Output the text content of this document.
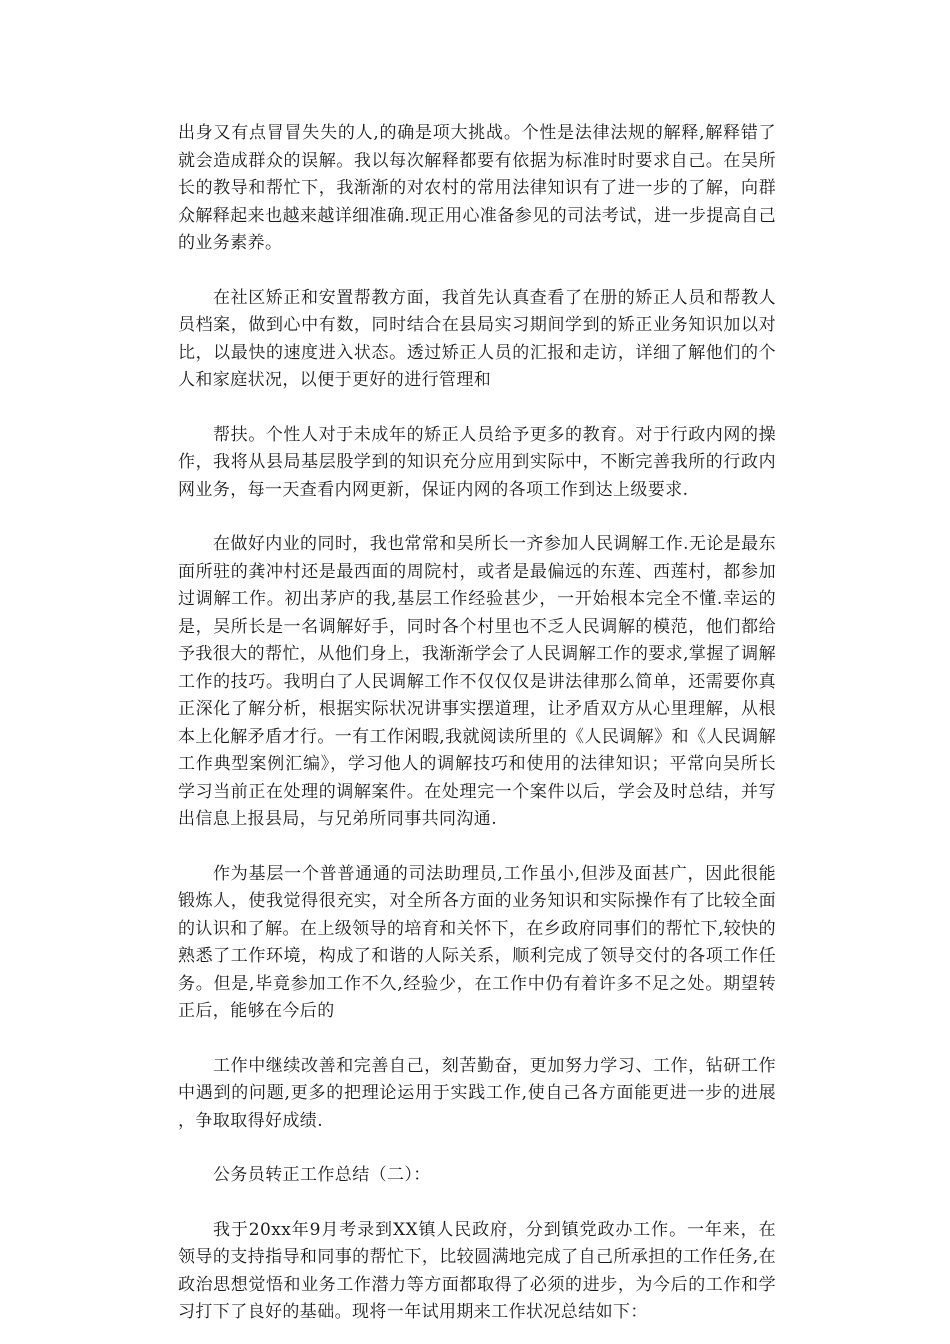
出身又有点冒冒失失的人,的确是项大挑战。个性是法律法规的解释,解释错了就会造成群众的误解。我以每次解释都要有依据为标准时时要求自己。在吴所长的教导和帮忙下，我渐渐的对农村的常用法律知识有了进一步的了解，向群众解释起来也越来越详细准确.现正用心准备参见的司法考试，进一步提高自己的业务素养。

在社区矫正和安置帮教方面，我首先认真查看了在册的矫正人员和帮教人员档案，做到心中有数，同时结合在县局实习期间学到的矫正业务知识加以对比，以最快的速度进入状态。透过矫正人员的汇报和走访，详细了解他们的个人和家庭状况，以便于更好的进行管理和

帮扶。个性人对于未成年的矫正人员给予更多的教育。对于行政内网的操作，我将从县局基层股学到的知识充分应用到实际中，不断完善我所的行政内网业务，每一天查看内网更新，保证内网的各项工作到达上级要求.

在做好内业的同时，我也常常和吴所长一齐参加人民调解工作.无论是最东面所驻的龚冲村还是最西面的周院村，或者是最偏远的东莲、西莲村，都参加过调解工作。初出茅庐的我,基层工作经验甚少，一开始根本完全不懂.幸运的是，吴所长是一名调解好手，同时各个村里也不乏人民调解的模范，他们都给予我很大的帮忙，从他们身上，我渐渐学会了人民调解工作的要求,掌握了调解工作的技巧。我明白了人民调解工作不仅仅仅是讲法律那么简单，还需要你真正深化了解分析，根据实际状况讲事实摆道理，让矛盾双方从心里理解，从根本上化解矛盾才行。一有工作闲暇,我就阅读所里的《人民调解》和《人民调解工作典型案例汇编》，学习他人的调解技巧和使用的法律知识；平常向吴所长学习当前正在处理的调解案件。在处理完一个案件以后，学会及时总结，并写出信息上报县局，与兄弟所同事共同沟通.

作为基层一个普普通通的司法助理员,工作虽小,但涉及面甚广，因此很能锻炼人，使我觉得很充实，对全所各方面的业务知识和实际操作有了比较全面的认识和了解。在上级领导的培育和关怀下，在乡政府同事们的帮忙下,较快的熟悉了工作环境，构成了和谐的人际关系，顺利完成了领导交付的各项工作任务。但是,毕竟参加工作不久,经验少，在工作中仍有着许多不足之处。期望转正后，能够在今后的

工作中继续改善和完善自己，刻苦勤奋，更加努力学习、工作，钻研工作中遇到的问题,更多的把理论运用于实践工作,使自己各方面能更进一步的进展，争取取得好成绩.

公务员转正工作总结（二）：

我于20xx年9月考录到XX镇人民政府，分到镇党政办工作。一年来，在领导的支持指导和同事的帮忙下，比较圆满地完成了自己所承担的工作任务,在政治思想觉悟和业务工作潜力等方面都取得了必须的进步，为今后的工作和学习打下了良好的基础。现将一年试用期来工作状况总结如下：
